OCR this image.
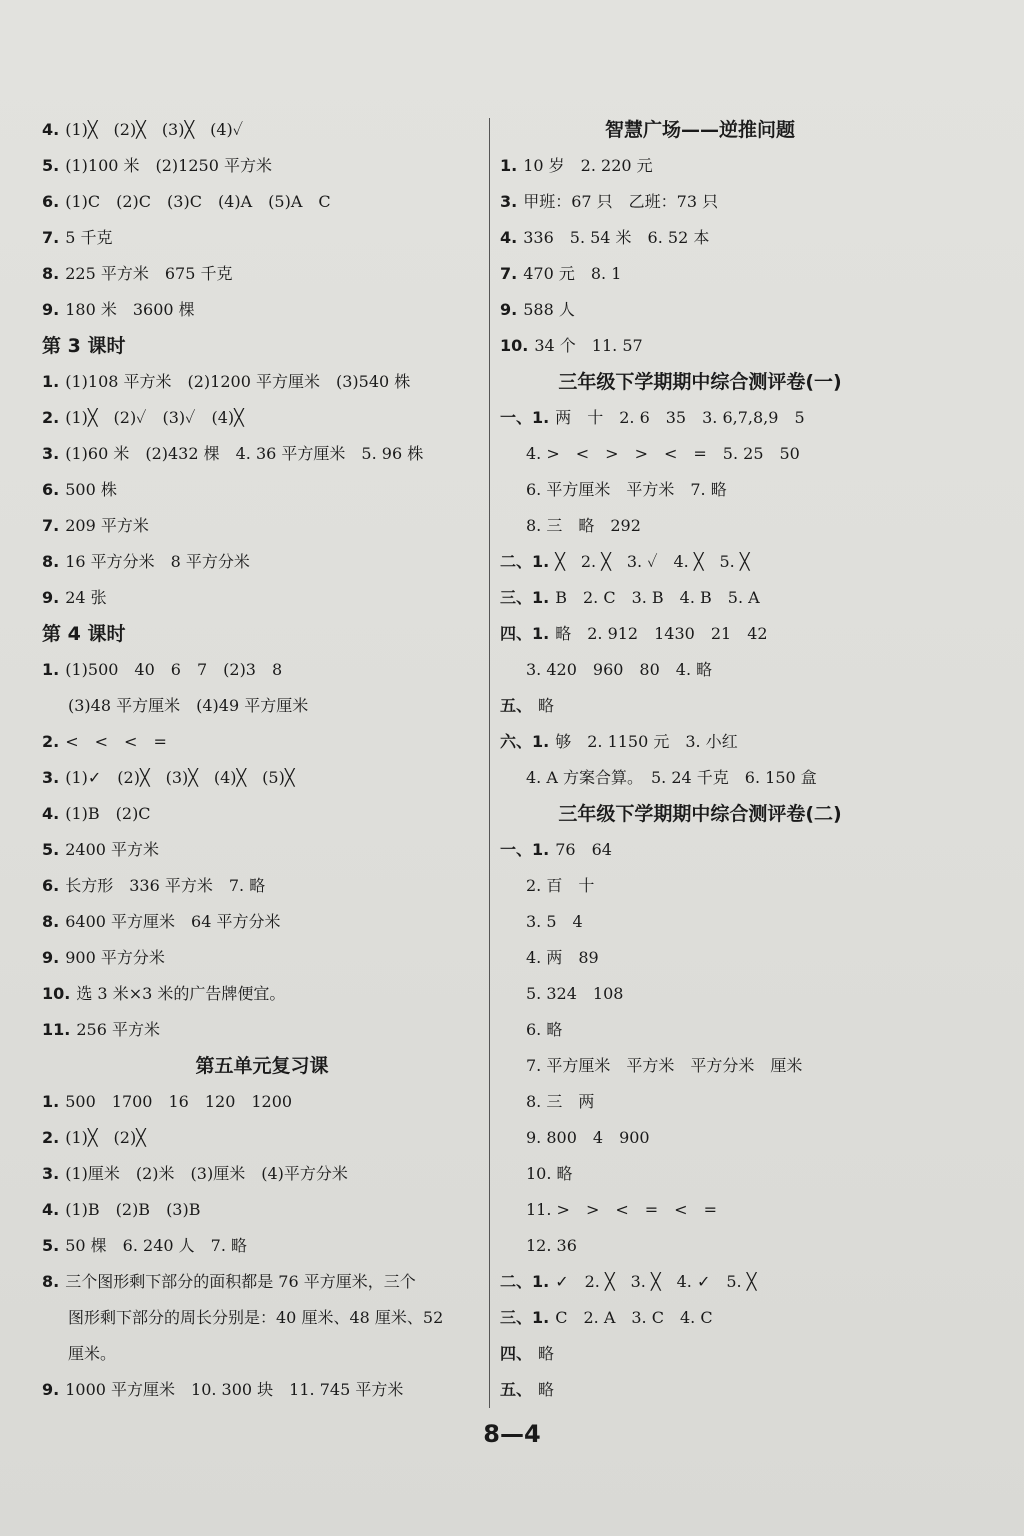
4. (1)╳　(2)╳　(3)╳　(4)✓
5. (1)100 米　(2)1250 平方米
6. (1)C　(2)C　(3)C　(4)A　(5)A　C
7. 5 千克
8. 225 平方米　675 千克
9. 180 米　3600 棵
第 3 课时
1. (1)108 平方米　(2)1200 平方厘米　(3)540 株
2. (1)╳　(2)✓　(3)✓　(4)╳
3. (1)60 米　(2)432 棵　4. 36 平方厘米　5. 96 株
6. 500 株
7. 209 平方米
8. 16 平方分米　8 平方分米
9. 24 张
第 4 课时
1. (1)500　40　6　7　(2)3　8
(3)48 平方厘米　(4)49 平方厘米
2. <　<　<　=
3. (1)✓　(2)╳　(3)╳　(4)╳　(5)╳
4. (1)B　(2)C
5. 2400 平方米
6. 长方形　336 平方米　7. 略
8. 6400 平方厘米　64 平方分米
9. 900 平方分米
10. 选 3 米×3 米的广告牌便宜。
11. 256 平方米
第五单元复习课
1. 500　1700　16　120　1200
2. (1)╳　(2)╳
3. (1)厘米　(2)米　(3)厘米　(4)平方分米
4. (1)B　(2)B　(3)B
5. 50 棵　6. 240 人　7. 略
8. 三个图形剩下部分的面积都是 76 平方厘米，三个
图形剩下部分的周长分别是：40 厘米、48 厘米、52
厘米。
9. 1000 平方厘米　10. 300 块　11. 745 平方米
智慧广场——逆推问题
1. 10 岁　2. 220 元
3. 甲班：67 只　乙班：73 只
4. 336　5. 54 米　6. 52 本
7. 470 元　8. 1
9. 588 人
10. 34 个　11. 57
三年级下学期期中综合测评卷(一)
一、1. 两　十　2. 6　35　3. 6,7,8,9　5
4. >　<　>　>　<　=　5. 25　50
6. 平方厘米　平方米　7. 略
8. 三　略　292
二、1. ╳　2. ╳　3. ✓　4. ╳　5. ╳
三、1. B　2. C　3. B　4. B　5. A
四、1. 略　2. 912　1430　21　42
3. 420　960　80　4. 略
五、 略
六、1. 够　2. 1150 元　3. 小红
4. A 方案合算。　5. 24 千克　6. 150 盒
三年级下学期期中综合测评卷(二)
一、1. 76　64
2. 百　十
3. 5　4
4. 两　89
5. 324　108
6. 略
7. 平方厘米　平方米　平方分米　厘米
8. 三　两
9. 800　4　900
10. 略
11. >　>　<　=　<　=
12. 36
二、1. ✓　2. ╳　3. ╳　4. ✓　5. ╳
三、1. C　2. A　3. C　4. C
四、 略
五、 略
8—4
